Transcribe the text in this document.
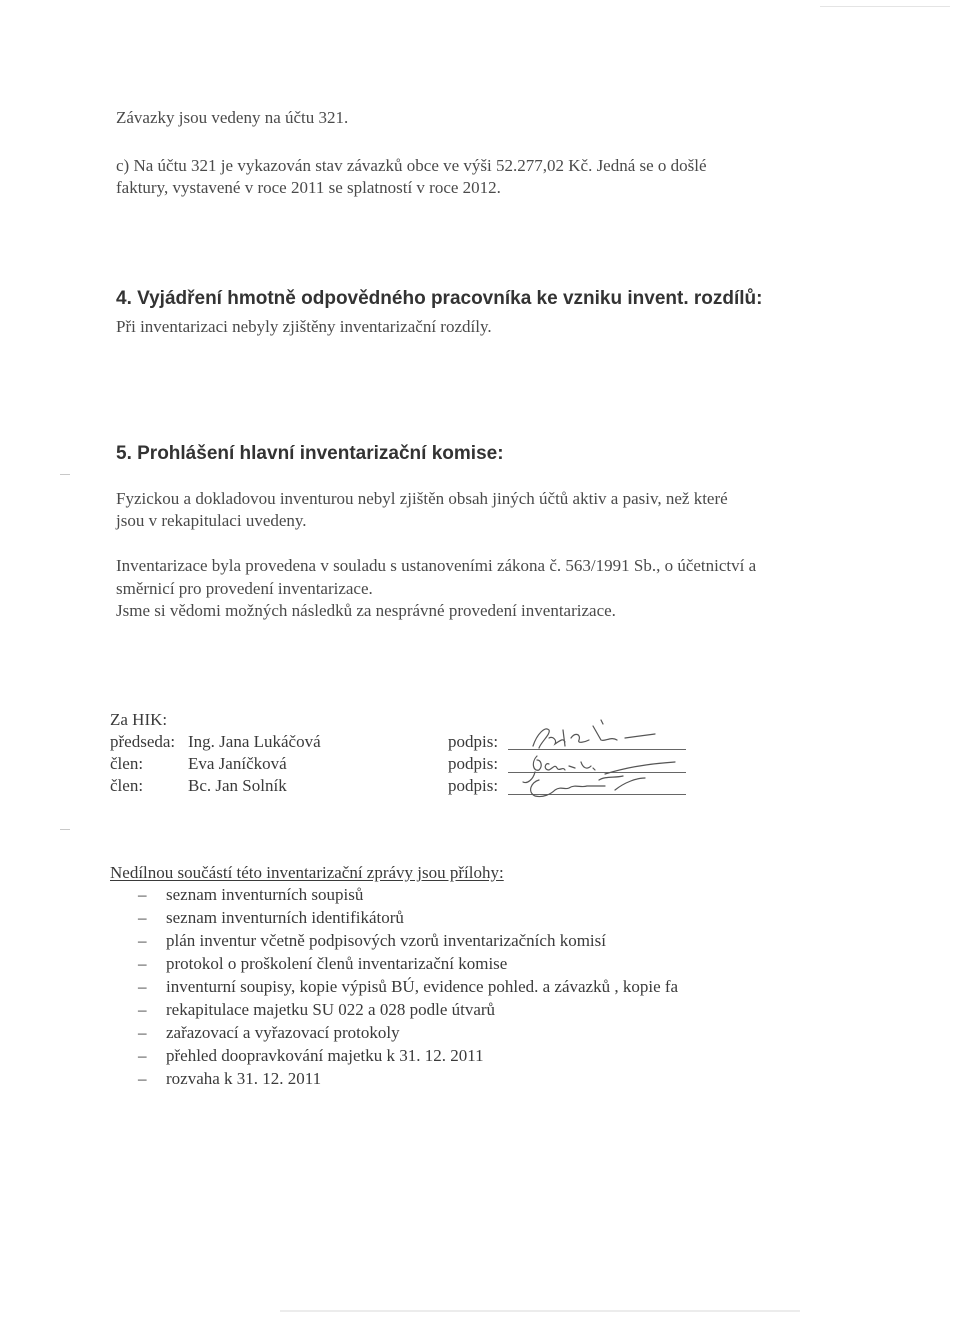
Závazky jsou vedeny na účtu 321.
c) Na účtu 321 je vykazován stav závazků obce ve výši 52.277,02 Kč. Jedná se o došlé
faktury, vystavené v roce 2011 se splatností v roce 2012.
4. Vyjádření hmotně odpovědného pracovníka ke vzniku invent. rozdílů:
Při inventarizaci nebyly zjištěny inventarizační rozdíly.
5. Prohlášení hlavní inventarizační komise:
Fyzickou a dokladovou inventurou nebyl zjištěn obsah jiných účtů aktiv a pasiv, než které
jsou v rekapitulaci uvedeny.
Inventarizace byla provedena v souladu s ustanoveními zákona č. 563/1991 Sb., o účetnictví a
směrnicí pro provedení inventarizace.
Jsme si vědomi možných následků za nesprávné provedení inventarizace.
Za HIK:
předseda: Ing. Jana Lukáčová	podpis:
člen:	Eva Janíčková	podpis:
člen:	Bc. Jan Solník	podpis:
Nedílnou součástí této inventarizační zprávy jsou přílohy:
– seznam inventurních soupisů
– seznam inventurních identifikátorů
– plán inventur včetně podpisových vzorů inventarizačních komisí
– protokol o proškolení členů inventarizační komise
– inventurní soupisy, kopie výpisů BÚ, evidence pohled. a závazků , kopie fa
– rekapitulace majetku SU 022 a 028 podle útvarů
– zařazovací a vyřazovací protokoly
– přehled doopravkování majetku k 31. 12. 2011
– rozvaha k 31. 12. 2011
